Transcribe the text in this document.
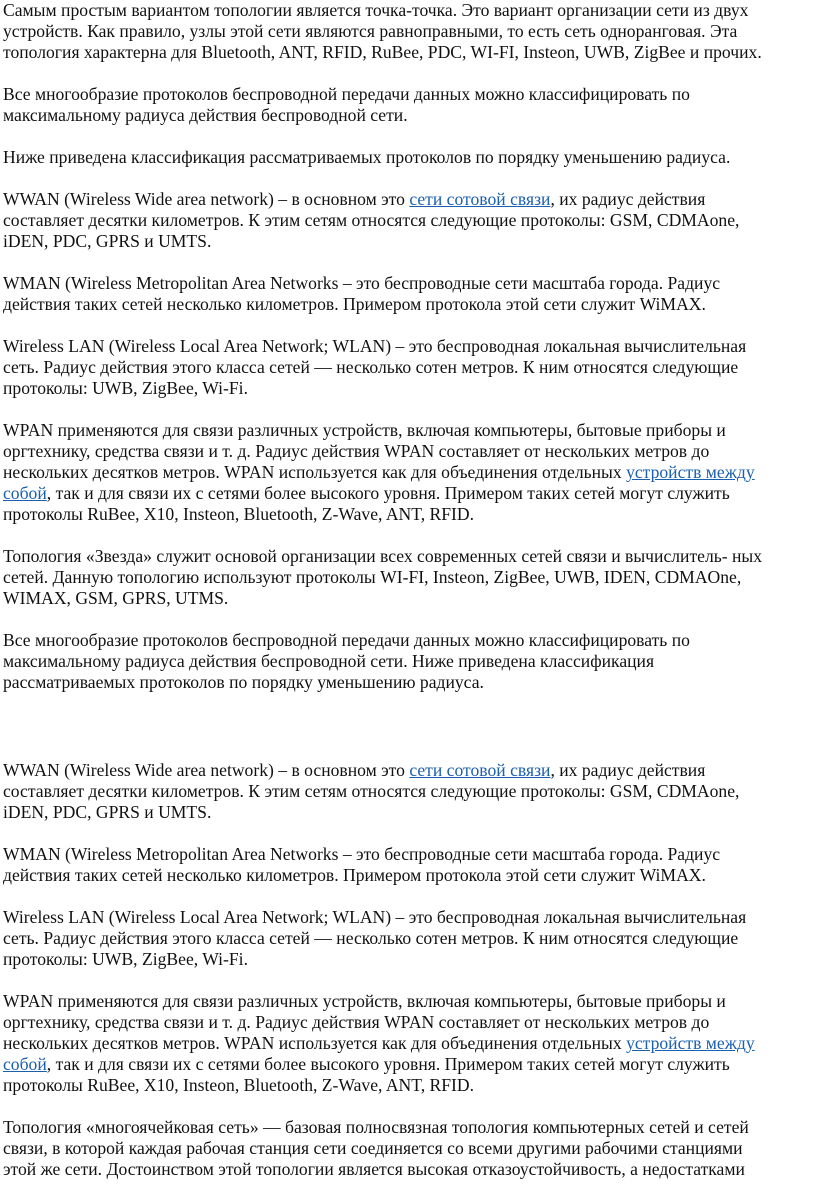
Самым простым вариантом топологии является точка-точка. Это вариант организации сети из двух
устройств. Как правило, узлы этой сети являются равноправными, то есть сеть одноранговая. Эта
топология характерна для Bluetooth, ANT, RFID, RuBee, PDC, WI-FI, Insteon, UWB, ZigBee и прочих.

Все многообразие протоколов беспроводной передачи данных можно классифицировать по
максимальному радиуса действия беспроводной сети.

Ниже приведена классификация рассматриваемых протоколов по порядку уменьшению радиуса.

WWAN (Wireless Wide area network) – в основном это сети сотовой связи, их радиус действия
составляет десятки километров. К этим сетям относятся следующие протоколы: GSM, CDMAone,
iDEN, PDC, GPRS и UMTS.

WMAN (Wireless Metropolitan Area Networks – это беспроводные сети масштаба города. Радиус
действия таких сетей несколько километров. Примером протокола этой сети служит WiMAX.

Wireless LAN (Wireless Local Area Network; WLAN) – это беспроводная локальная вычислительная
сеть. Радиус действия этого класса сетей — несколько сотен метров. К ним относятся следующие
протоколы: UWB, ZigBee, Wi-Fi.

WPAN применяются для связи различных устройств, включая компьютеры, бытовые приборы и
оргтехнику, средства связи и т. д. Радиус действия WPAN составляет от нескольких метров до
нескольких десятков метров. WPAN используется как для объединения отдельных устройств между
собой, так и для связи их с сетями более высокого уровня. Примером таких сетей могут служить
протоколы RuBee, X10, Insteon, Bluetooth, Z-Wave, ANT, RFID.

Топология «Звезда» служит основой организации всех современных сетей связи и вычислитель- ных
сетей. Данную топологию используют протоколы WI-FI, Insteon, ZigBee, UWB, IDEN, CDMAOne,
WIMAX, GSM, GPRS, UTMS.

Все многообразие протоколов беспроводной передачи данных можно классифицировать по
максимальному радиуса действия беспроводной сети. Ниже приведена классификация
рассматриваемых протоколов по порядку уменьшению радиуса.

WWAN (Wireless Wide area network) – в основном это сети сотовой связи, их радиус действия
составляет десятки километров. К этим сетям относятся следующие протоколы: GSM, CDMAone,
iDEN, PDC, GPRS и UMTS.

WMAN (Wireless Metropolitan Area Networks – это беспроводные сети масштаба города. Радиус
действия таких сетей несколько километров. Примером протокола этой сети служит WiMAX.

Wireless LAN (Wireless Local Area Network; WLAN) – это беспроводная локальная вычислительная
сеть. Радиус действия этого класса сетей — несколько сотен метров. К ним относятся следующие
протоколы: UWB, ZigBee, Wi-Fi.

WPAN применяются для связи различных устройств, включая компьютеры, бытовые приборы и
оргтехнику, средства связи и т. д. Радиус действия WPAN составляет от нескольких метров до
нескольких десятков метров. WPAN используется как для объединения отдельных устройств между
собой, так и для связи их с сетями более высокого уровня. Примером таких сетей могут служить
протоколы RuBee, X10, Insteon, Bluetooth, Z-Wave, ANT, RFID.

Топология «многоячейковая сеть» — базовая полносвязная топология компьютерных сетей и сетей
связи, в которой каждая рабочая станция сети соединяется со всеми другими рабочими станциями
этой же сети. Достоинством этой топологии является высокая отказоустойчивость, а недостатками
